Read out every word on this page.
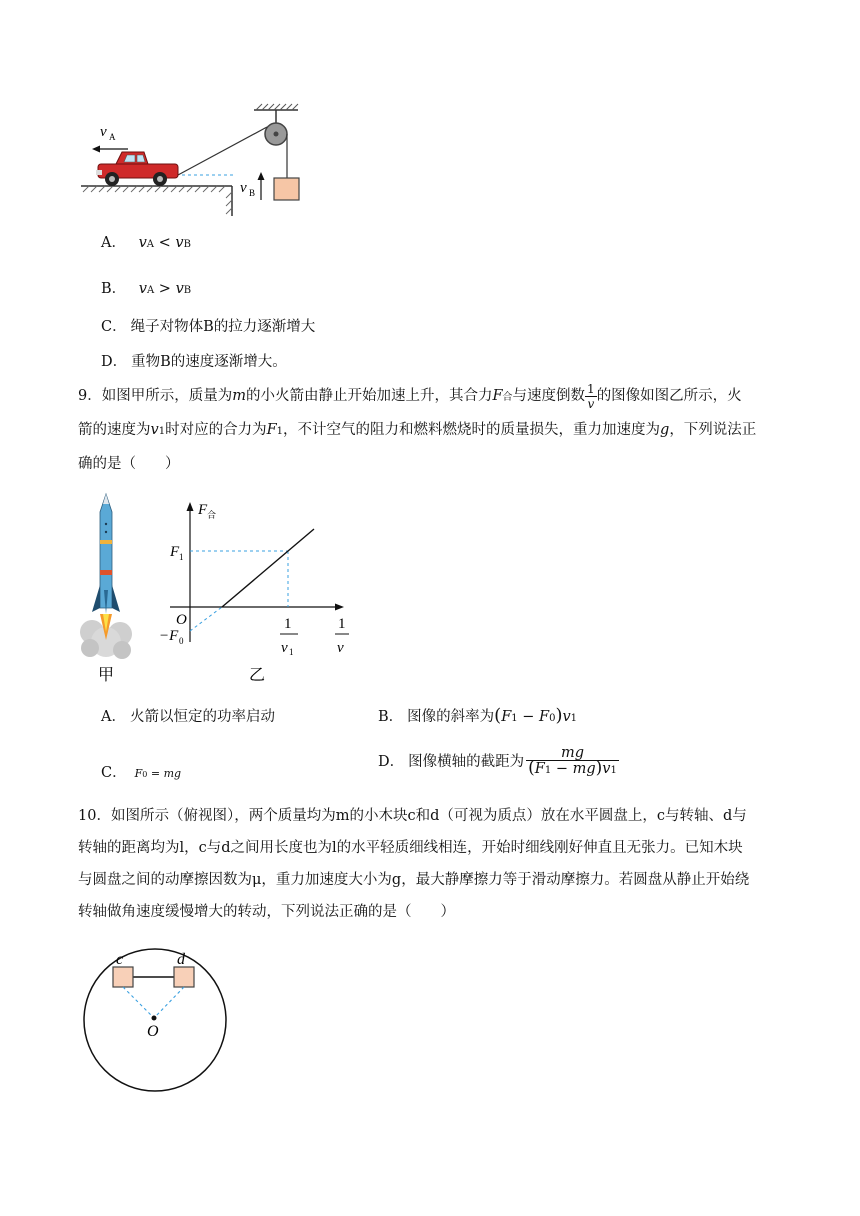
v A
v B
A． vA < vB
B． vA > vB
C． 绳子对物体B的拉力逐渐增大
D． 重物B的速度逐渐增大。
9．如图甲所示，质量为m的小火箭由静止开始加速上升，其合力F合与速度倒数 $\frac{1}{v}$ 的图像如图乙所示，火
箭的速度为v1时对应的合力为F1，不计空气的阻力和燃料燃烧时的质量损失，重力加速度为g，下列说法正
确的是（　　）
甲
F 合
F 1
O
−F 0
1
v 1
1
v
乙
A． 火箭以恒定的功率启动	B． 图像的斜率为(F1 − F0)v1
C． F0 = mg
D． 图像横轴的截距为 $\frac{mg}{(F1 - mg)v1}$
10．如图所示（俯视图），两个质量均为m的小木块c和d（可视为质点）放在水平圆盘上，c与转轴、d与
转轴的距离均为l，c与d之间用长度也为l的水平轻质细线相连，开始时细线刚好伸直且无张力。已知木块
与圆盘之间的动摩擦因数为μ，重力加速度大小为g，最大静摩擦力等于滑动摩擦力。若圆盘从静止开始绕
转轴做角速度缓慢增大的转动，下列说法正确的是（　　）
c	d
O
